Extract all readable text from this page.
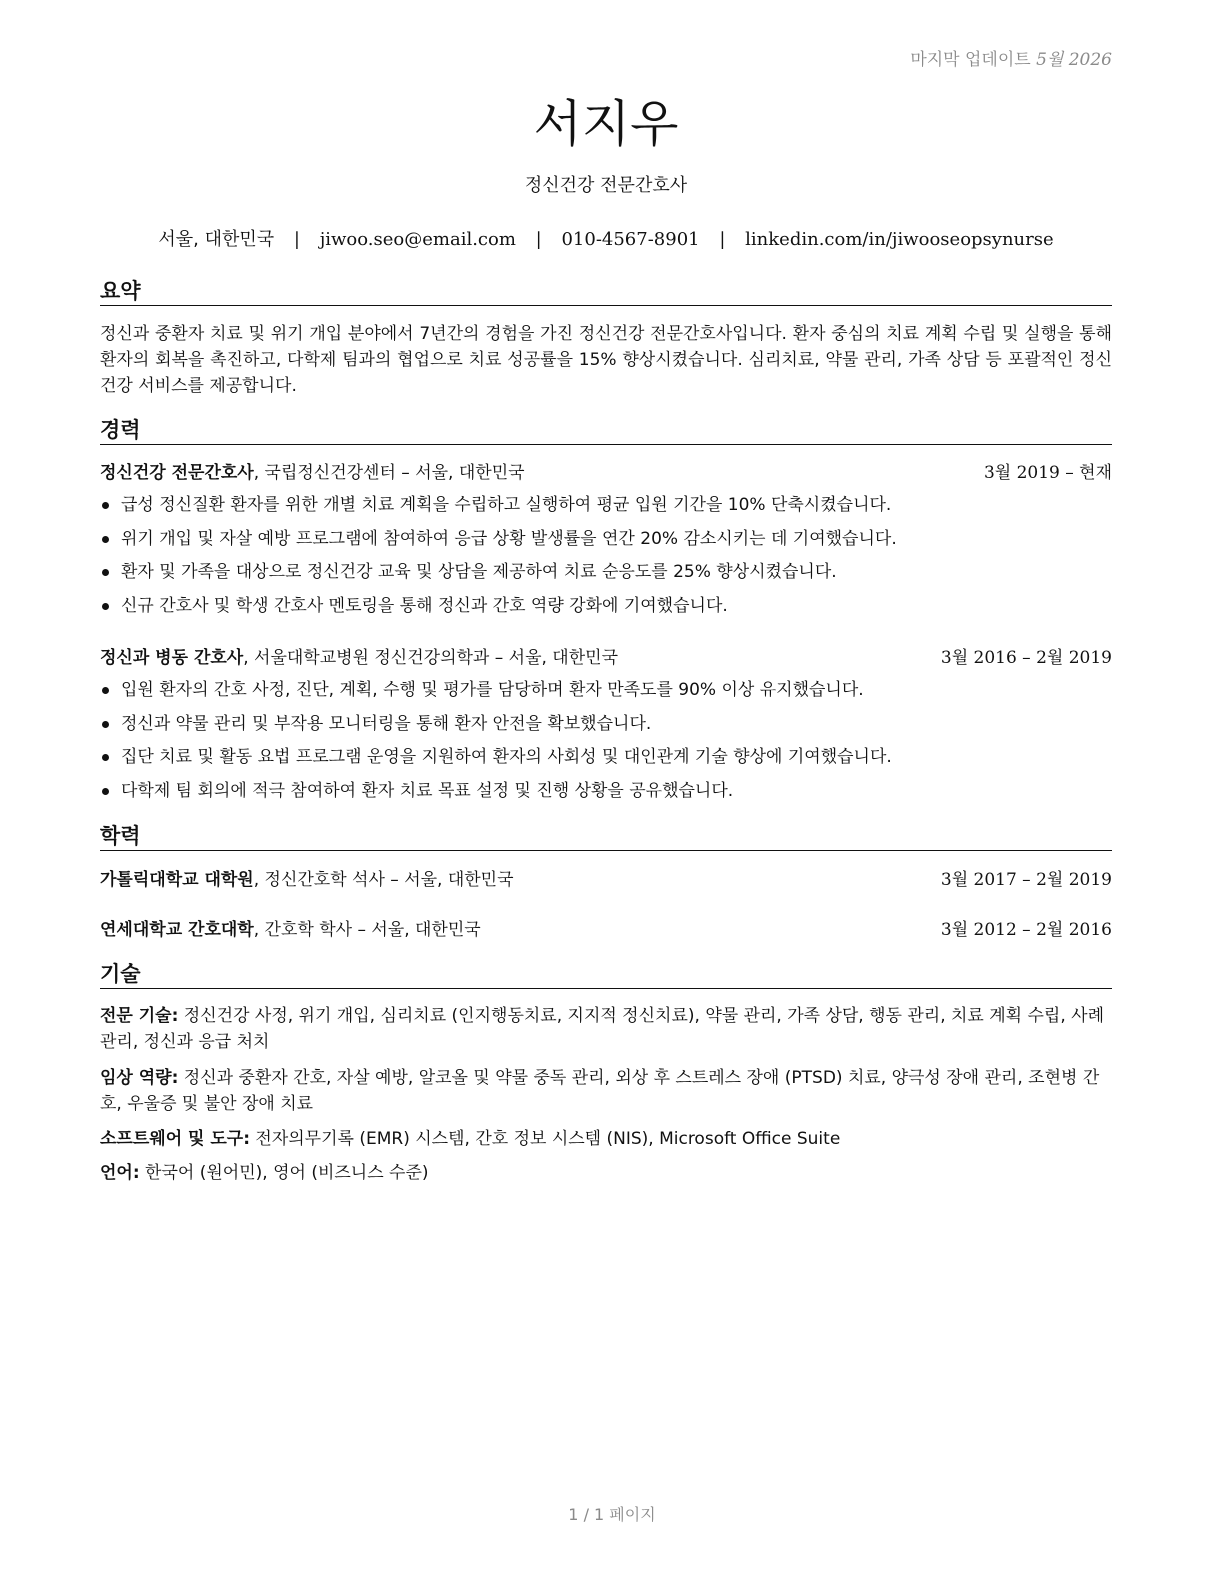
마지막 업데이트 5월 2026
서지우
정신건강 전문간호사
서울, 대한민국 | jiwoo.seo@email.com | 010-4567-8901 | linkedin.com/in/jiwooseopsynurse
요약

정신과 중환자 치료 및 위기 개입 분야에서 7년간의 경험을 가진 정신건강 전문간호사입니다. 환자 중심의 치료 계획 수립 및 실행을 통해 환자의 회복을 촉진하고, 다학제 팀과의 협업으로 치료 성공률을 15% 향상시켰습니다. 심리치료, 약물 관리, 가족 상담 등 포괄적인 정신건강 서비스를 제공합니다.

경력
정신건강 전문간호사, 국립정신건강센터 – 서울, 대한민국	3월 2019 – 현재
급성 정신질환 환자를 위한 개별 치료 계획을 수립하고 실행하여 평균 입원 기간을 10% 단축시켰습니다.
위기 개입 및 자살 예방 프로그램에 참여하여 응급 상황 발생률을 연간 20% 감소시키는 데 기여했습니다.
환자 및 가족을 대상으로 정신건강 교육 및 상담을 제공하여 치료 순응도를 25% 향상시켰습니다.
신규 간호사 및 학생 간호사 멘토링을 통해 정신과 간호 역량 강화에 기여했습니다.
정신과 병동 간호사, 서울대학교병원 정신건강의학과 – 서울, 대한민국	3월 2016 – 2월 2019
입원 환자의 간호 사정, 진단, 계획, 수행 및 평가를 담당하며 환자 만족도를 90% 이상 유지했습니다.
정신과 약물 관리 및 부작용 모니터링을 통해 환자 안전을 확보했습니다.
집단 치료 및 활동 요법 프로그램 운영을 지원하여 환자의 사회성 및 대인관계 기술 향상에 기여했습니다.
다학제 팀 회의에 적극 참여하여 환자 치료 목표 설정 및 진행 상황을 공유했습니다.
학력
가톨릭대학교 대학원, 정신간호학 석사 – 서울, 대한민국	3월 2017 – 2월 2019
연세대학교 간호대학, 간호학 학사 – 서울, 대한민국	3월 2012 – 2월 2016
기술

전문 기술: 정신건강 사정, 위기 개입, 심리치료 (인지행동치료, 지지적 정신치료), 약물 관리, 가족 상담, 행동 관리, 치료 계획 수립, 사례 관리, 정신과 응급 처치

임상 역량: 정신과 중환자 간호, 자살 예방, 알코올 및 약물 중독 관리, 외상 후 스트레스 장애 (PTSD) 치료, 양극성 장애 관리, 조현병 간호, 우울증 및 불안 장애 치료

소프트웨어 및 도구: 전자의무기록 (EMR) 시스템, 간호 정보 시스템 (NIS), Microsoft Office Suite

언어: 한국어 (원어민), 영어 (비즈니스 수준)

1 / 1 페이지
